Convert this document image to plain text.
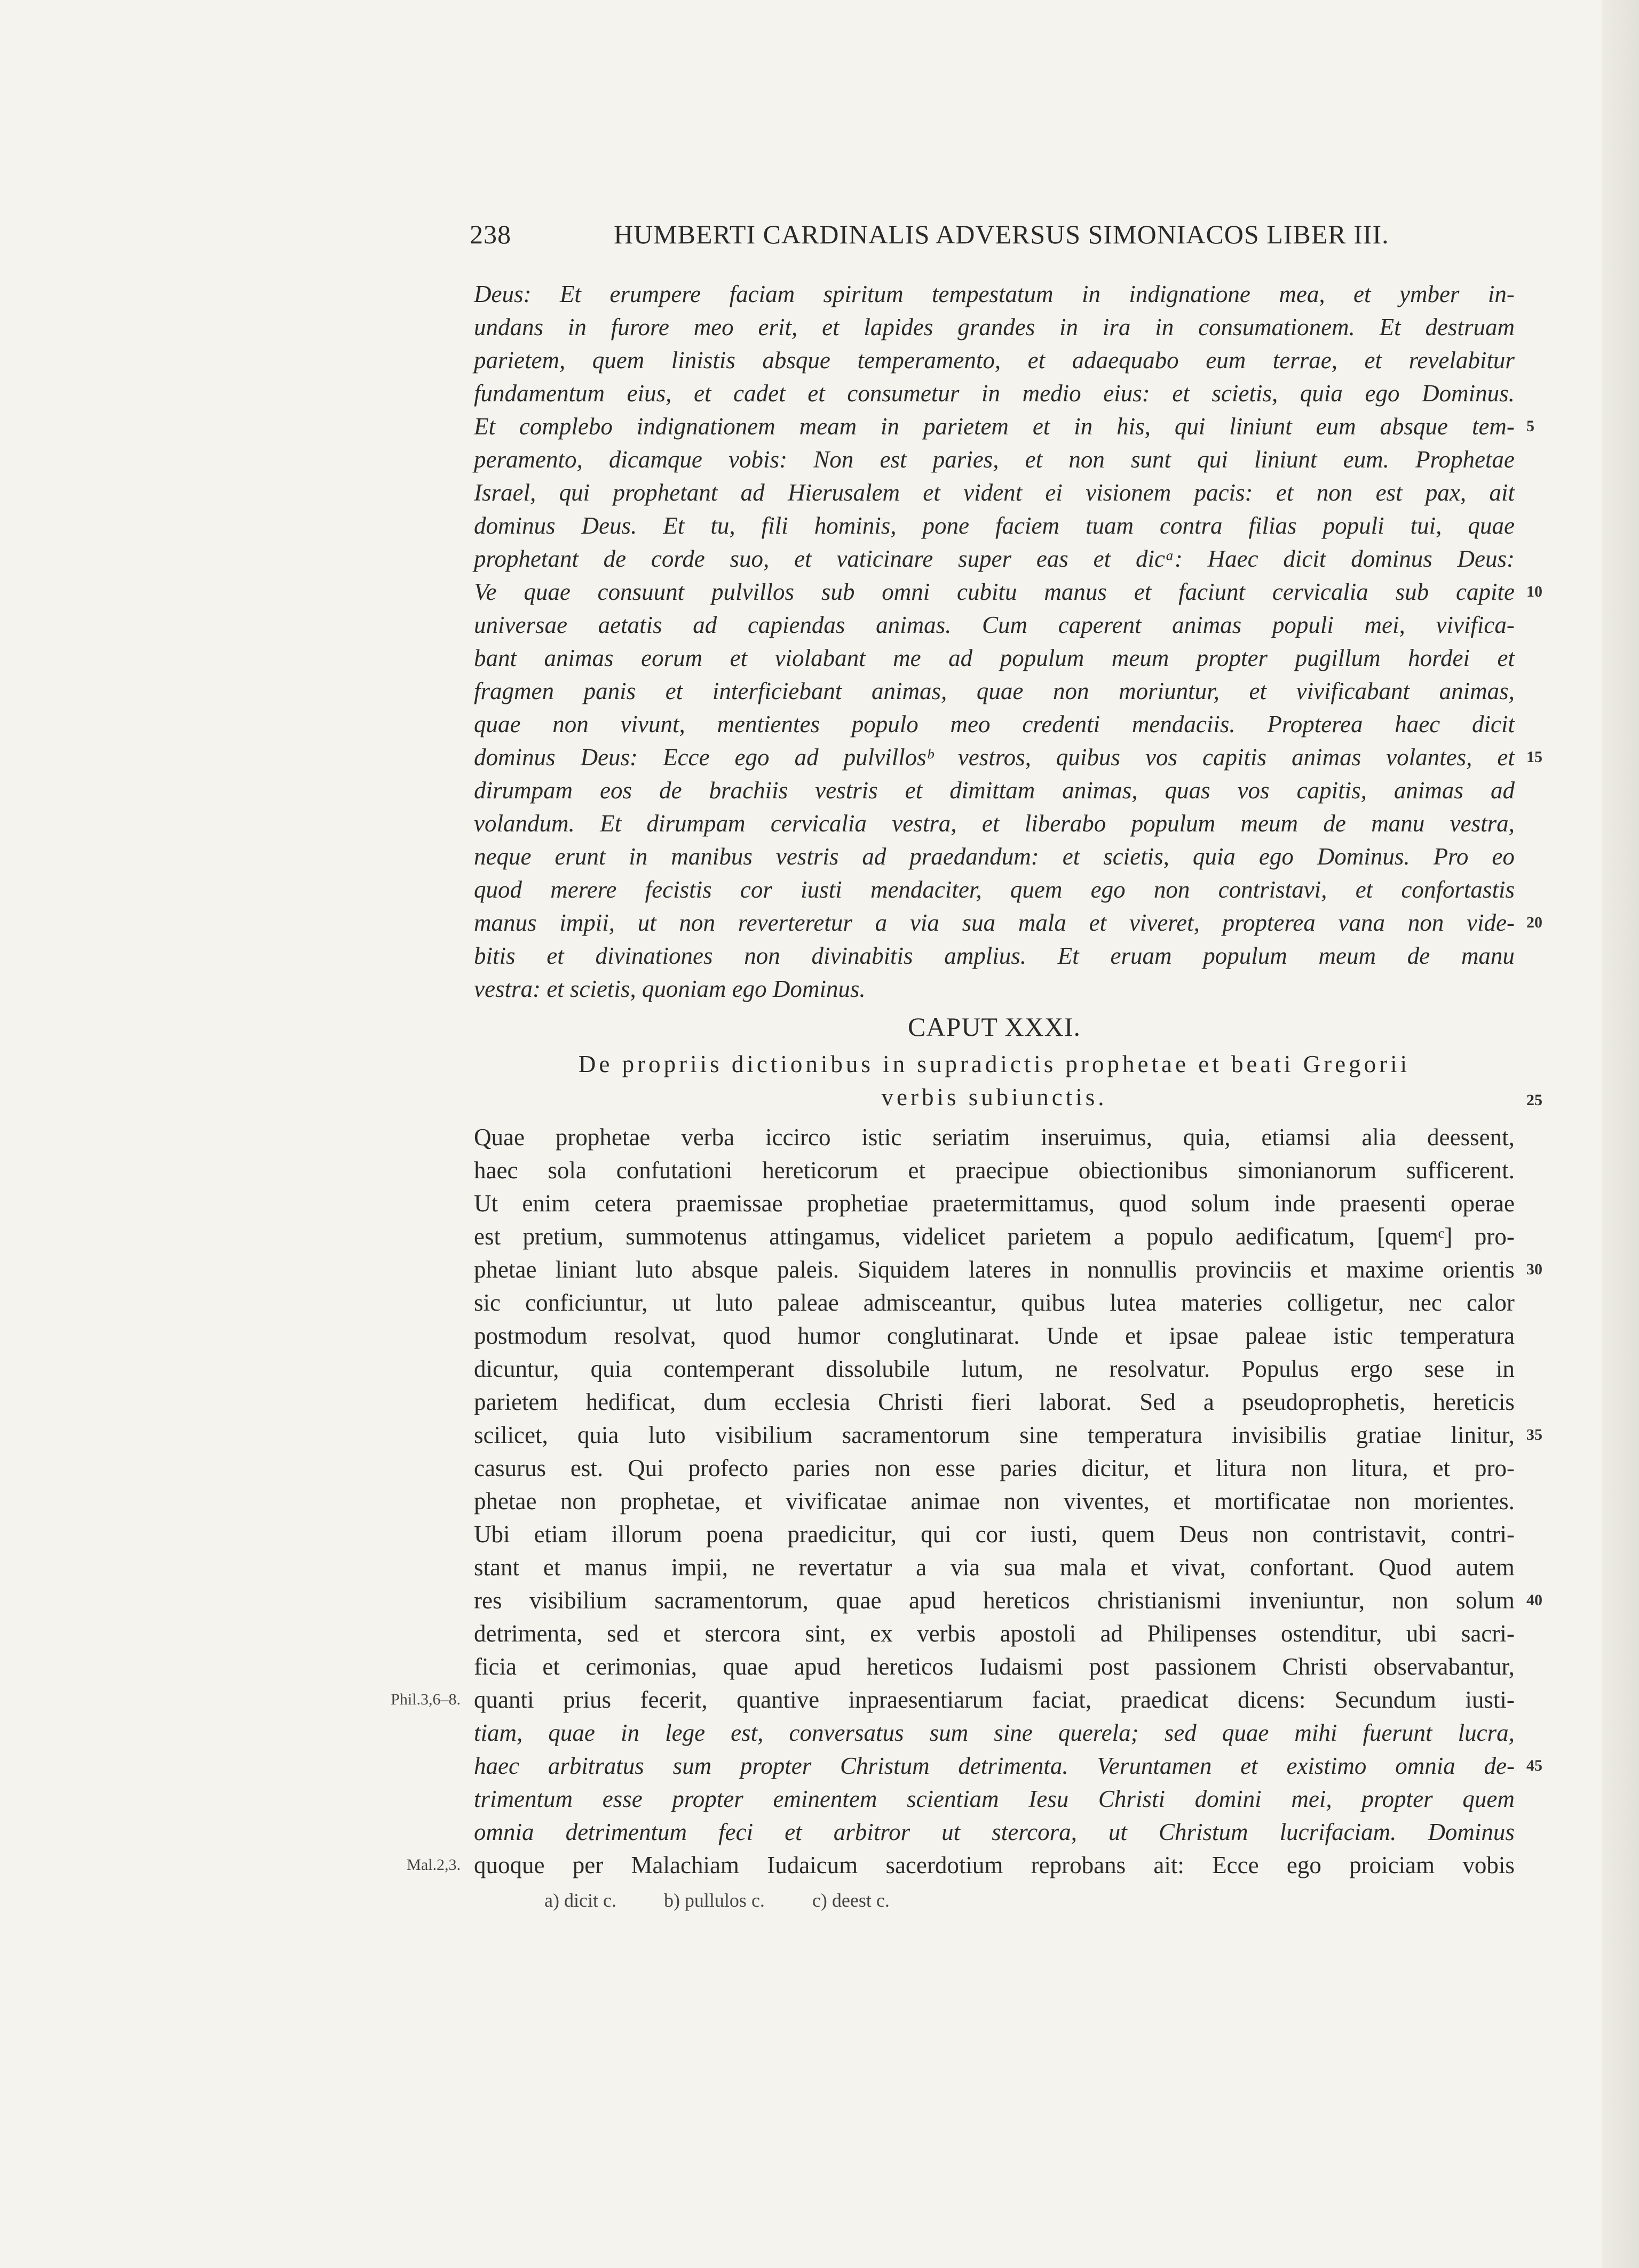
238	HUMBERTI CARDINALIS ADVERSUS SIMONIACOS LIBER III.
Deus: Et erumpere faciam spiritum tempestatum in indignatione mea, et ymber in-
undans in furore meo erit, et lapides grandes in ira in consumationem. Et destruam
parietem, quem linistis absque temperamento, et adaequabo eum terrae, et revelabitur
fundamentum eius, et cadet et consumetur in medio eius: et scietis, quia ego Dominus.
Et complebo indignationem meam in parietem et in his, qui liniunt eum absque tem- 5
peramento, dicamque vobis: Non est paries, et non sunt qui liniunt eum. Prophetae
Israel, qui prophetant ad Hierusalem et vident ei visionem pacis: et non est pax, ait
dominus Deus. Et tu, fili hominis, pone faciem tuam contra filias populi tui, quae
prophetant de corde suo, et vaticinare super eas et dicᵃ: Haec dicit dominus Deus:
Ve quae consuunt pulvillos sub omni cubitu manus et faciunt cervicalia sub capite 10
universae aetatis ad capiendas animas. Cum caperent animas populi mei, vivifica-
bant animas eorum et violabant me ad populum meum propter pugillum hordei et
fragmen panis et interficiebant animas, quae non moriuntur, et vivificabant animas,
quae non vivunt, mentientes populo meo credenti mendaciis. Propterea haec dicit
dominus Deus: Ecce ego ad pulvillosᵇ vestros, quibus vos capitis animas volantes, et 15
dirumpam eos de brachiis vestris et dimittam animas, quas vos capitis, animas ad
volandum. Et dirumpam cervicalia vestra, et liberabo populum meum de manu vestra,
neque erunt in manibus vestris ad praedandum: et scietis, quia ego Dominus. Pro eo
quod merere fecistis cor iusti mendaciter, quem ego non contristavi, et confortastis
manus impii, ut non reverteretur a via sua mala et viveret, propterea vana non vide- 20
bitis et divinationes non divinabitis amplius. Et eruam populum meum de manu
vestra: et scietis, quoniam ego Dominus.
CAPUT XXXI.
De propriis dictionibus in supradictis prophetae et beati Gregorii
verbis subiunctis.	25
Quae prophetae verba iccirco istic seriatim inseruimus, quia, etiamsi alia deessent,
haec sola confutationi hereticorum et praecipue obiectionibus simonianorum sufficerent.
Ut enim cetera praemissae prophetiae praetermittamus, quod solum inde praesenti operae
est pretium, summotenus attingamus, videlicet parietem a populo aedificatum, [quemᶜ] pro-
phetae liniant luto absque paleis. Siquidem lateres in nonnullis provinciis et maxime orientis 30
sic conficiuntur, ut luto paleae admisceantur, quibus lutea materies colligetur, nec calor
postmodum resolvat, quod humor conglutinarat. Unde et ipsae paleae istic temperatura
dicuntur, quia contemperant dissolubile lutum, ne resolvatur. Populus ergo sese in
parietem hedificat, dum ecclesia Christi fieri laborat. Sed a pseudoprophetis, hereticis
scilicet, quia luto visibilium sacramentorum sine temperatura invisibilis gratiae linitur, 35
casurus est. Qui profecto paries non esse paries dicitur, et litura non litura, et pro-
phetae non prophetae, et vivificatae animae non viventes, et mortificatae non morientes.
Ubi etiam illorum poena praedicitur, qui cor iusti, quem Deus non contristavit, contri-
stant et manus impii, ne revertatur a via sua mala et vivat, confortant. Quod autem
res visibilium sacramentorum, quae apud hereticos christianismi inveniuntur, non solum 40
detrimenta, sed et stercora sint, ex verbis apostoli ad Philipenses ostenditur, ubi sacri-
ficia et cerimonias, quae apud hereticos Iudaismi post passionem Christi observabantur,
quanti prius fecerit, quantive inpraesentiarum faciat, praedicat dicens: Secundum iusti-
Phil.3,6–8.
tiam, quae in lege est, conversatus sum sine querela; sed quae mihi fuerunt lucra,
haec arbitratus sum propter Christum detrimenta. Veruntamen et existimo omnia de- 45
trimentum esse propter eminentem scientiam Iesu Christi domini mei, propter quem
omnia detrimentum feci et arbitror ut stercora, ut Christum lucrifaciam. Dominus
quoque per Malachiam Iudaicum sacerdotium reprobans ait: Ecce ego proiciam vobis
Mal.2,3.
a) dicit c. b) pullulos c. c) deest c.
